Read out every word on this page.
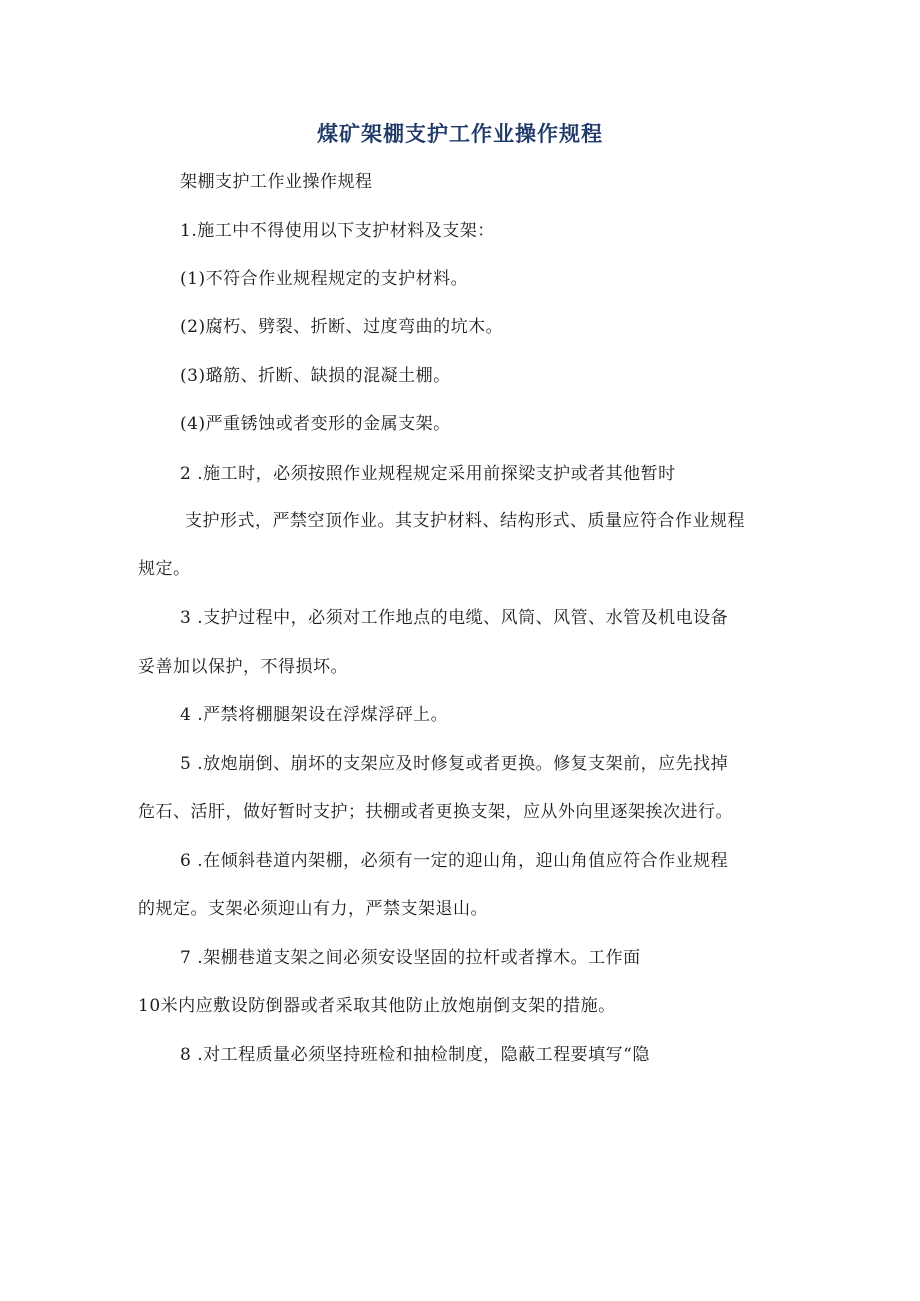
煤矿架棚支护工作业操作规程
架棚支护工作业操作规程
1.施工中不得使用以下支护材料及支架：
(1)不符合作业规程规定的支护材料。
(2)腐朽、劈裂、折断、过度弯曲的坑木。
(3)璐筋、折断、缺损的混凝土棚。
(4)严重锈蚀或者变形的金属支架。
2 .施工时，必须按照作业规程规定采用前探梁支护或者其他暂时
支护形式，严禁空顶作业。其支护材料、结构形式、质量应符合作业规程
规定。
3 .支护过程中，必须对工作地点的电缆、风筒、风管、水管及机电设备
妥善加以保护，不得损坏。
4 .严禁将棚腿架设在浮煤浮砰上。
5 .放炮崩倒、崩坏的支架应及时修复或者更换。修复支架前，应先找掉
危石、活肝，做好暂时支护；扶棚或者更换支架，应从外向里逐架挨次进行。
6 .在倾斜巷道内架棚，必须有一定的迎山角，迎山角值应符合作业规程
的规定。支架必须迎山有力，严禁支架退山。
7 .架棚巷道支架之间必须安设坚固的拉杆或者撑木。工作面
10米内应敷设防倒器或者采取其他防止放炮崩倒支架的措施。
8 .对工程质量必须坚持班检和抽检制度，隐蔽工程要填写“隐
